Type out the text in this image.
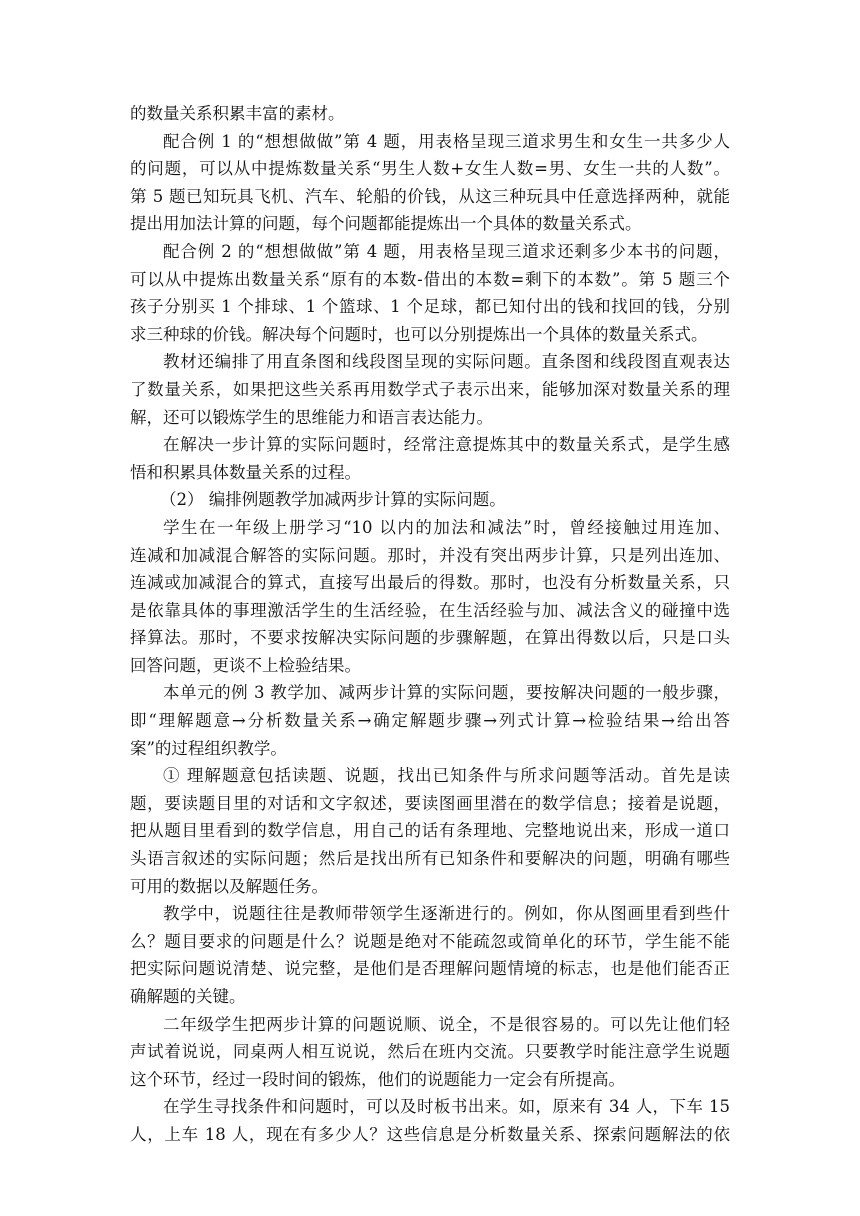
的数量关系积累丰富的素材。
配合例 1 的“想想做做”第 4 题，用表格呈现三道求男生和女生一共多少人
的问题，可以从中提炼数量关系“男生人数+女生人数=男、女生一共的人数”。
第 5 题已知玩具飞机、汽车、轮船的价钱，从这三种玩具中任意选择两种，就能
提出用加法计算的问题，每个问题都能提炼出一个具体的数量关系式。
配合例 2 的“想想做做”第 4 题，用表格呈现三道求还剩多少本书的问题，
可以从中提炼出数量关系“原有的本数-借出的本数=剩下的本数”。第 5 题三个
孩子分别买 1 个排球、1 个篮球、1 个足球，都已知付出的钱和找回的钱，分别
求三种球的价钱。解决每个问题时，也可以分别提炼出一个具体的数量关系式。
教材还编排了用直条图和线段图呈现的实际问题。直条图和线段图直观表达
了数量关系，如果把这些关系再用数学式子表示出来，能够加深对数量关系的理
解，还可以锻炼学生的思维能力和语言表达能力。
在解决一步计算的实际问题时，经常注意提炼其中的数量关系式，是学生感
悟和积累具体数量关系的过程。
（2） 编排例题教学加减两步计算的实际问题。
学生在一年级上册学习“10 以内的加法和减法”时，曾经接触过用连加、
连减和加减混合解答的实际问题。那时，并没有突出两步计算，只是列出连加、
连减或加减混合的算式，直接写出最后的得数。那时，也没有分析数量关系，只
是依靠具体的事理激活学生的生活经验，在生活经验与加、减法含义的碰撞中选
择算法。那时，不要求按解决实际问题的步骤解题，在算出得数以后，只是口头
回答问题，更谈不上检验结果。
本单元的例 3 教学加、减两步计算的实际问题，要按解决问题的一般步骤，
即“理解题意→分析数量关系→确定解题步骤→列式计算→检验结果→给出答
案”的过程组织教学。
① 理解题意包括读题、说题，找出已知条件与所求问题等活动。首先是读
题，要读题目里的对话和文字叙述，要读图画里潜在的数学信息；接着是说题，
把从题目里看到的数学信息，用自己的话有条理地、完整地说出来，形成一道口
头语言叙述的实际问题；然后是找出所有已知条件和要解决的问题，明确有哪些
可用的数据以及解题任务。
教学中，说题往往是教师带领学生逐渐进行的。例如，你从图画里看到些什
么？题目要求的问题是什么？说题是绝对不能疏忽或简单化的环节，学生能不能
把实际问题说清楚、说完整，是他们是否理解问题情境的标志，也是他们能否正
确解题的关键。
二年级学生把两步计算的问题说顺、说全，不是很容易的。可以先让他们轻
声试着说说，同桌两人相互说说，然后在班内交流。只要教学时能注意学生说题
这个环节，经过一段时间的锻炼，他们的说题能力一定会有所提高。
在学生寻找条件和问题时，可以及时板书出来。如，原来有 34 人，下车 15
人，上车 18 人，现在有多少人？这些信息是分析数量关系、探索问题解法的依
